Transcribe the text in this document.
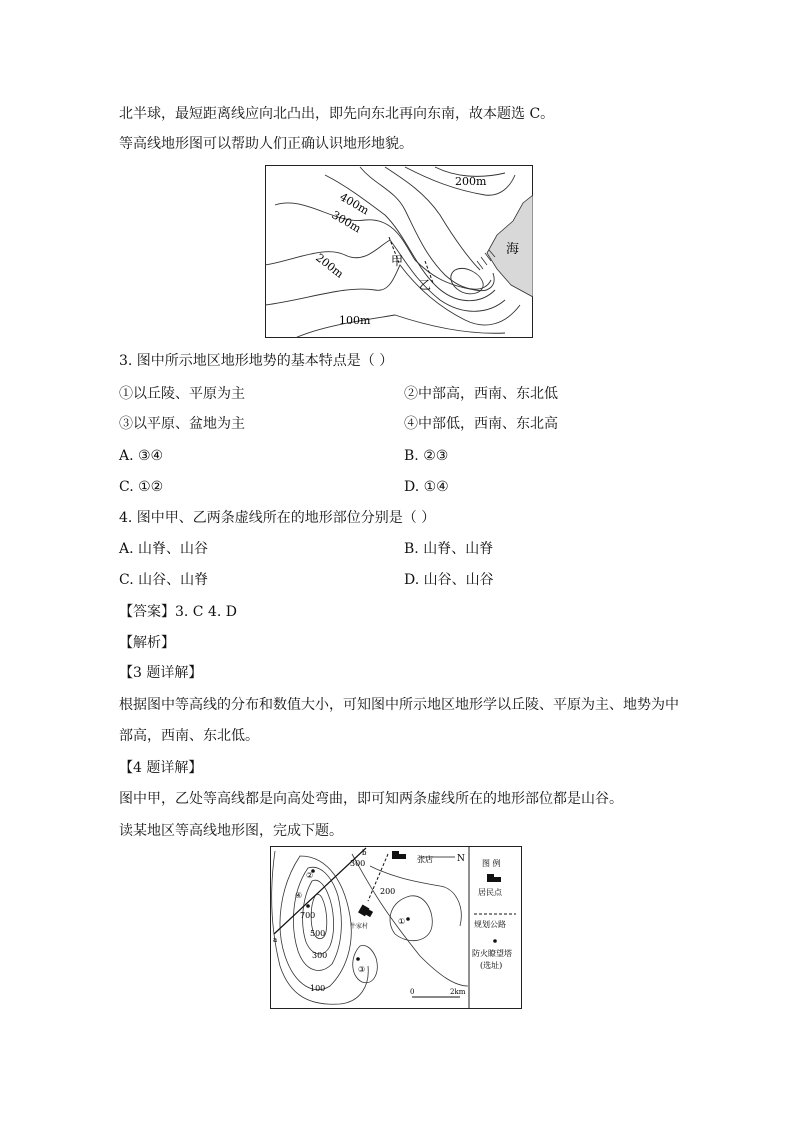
北半球，最短距离线应向北凸出，即先向东北再向东南，故本题选 C。
等高线地形图可以帮助人们正确认识地形地貌。
400m
300m
200m
200m
100m
甲
乙
海
3. 图中所示地区地形地势的基本特点是（ ）
①以丘陵、平原为主	②中部高，西南、东北低
③以平原、盆地为主	④中部低，西南、东北高
A. ③④	B. ②③
C. ①②	D. ①④
4. 图中甲、乙两条虚线所在的地形部位分别是（ ）
A. 山脊、山谷	B. 山脊、山脊
C. 山谷、山脊	D. 山谷、山谷
【答案】3. C 4. D
【解析】
【3 题详解】
根据图中等高线的分布和数值大小，可知图中所示地区地形学以丘陵、平原为主、地势为中
部高，西南、东北低。
【4 题详解】
图中甲，乙处等高线都是向高处弯曲，即可知两条虚线所在的地形部位都是山谷。
读某地区等高线地形图，完成下题。
N
300
200
700
500
300
100
张店
牛家村
a
b
②
④
①
③
0	2km
图 例
居民点
规划公路
防火瞭望塔
(选址)
